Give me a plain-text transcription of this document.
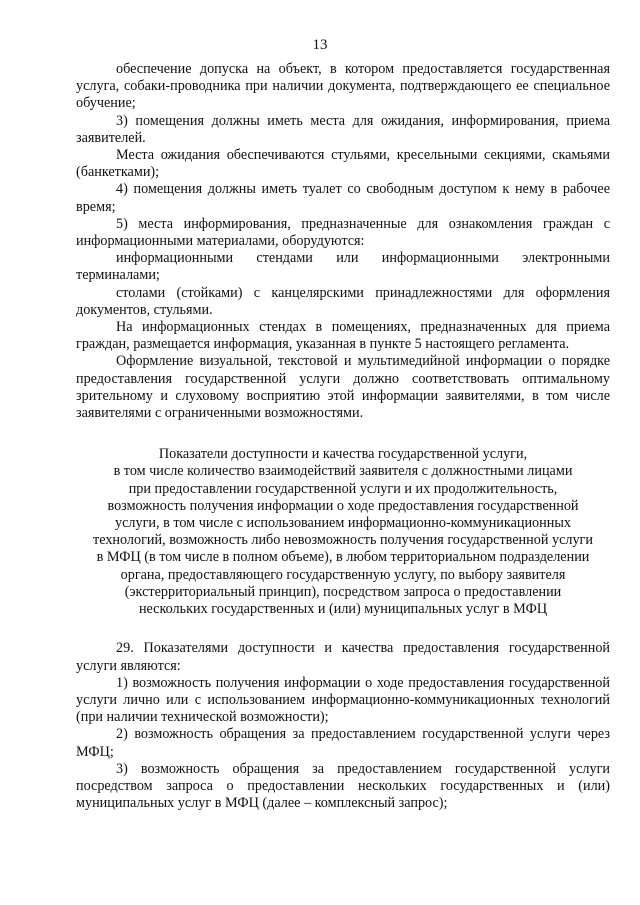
13

обеспечение допуска на объект, в котором предоставляется государственная услуга, собаки-проводника при наличии документа, подтверждающего ее специальное обучение;

3) помещения должны иметь места для ожидания, информирования, приема заявителей.

Места ожидания обеспечиваются стульями, кресельными секциями, скамьями (банкетками);

4) помещения должны иметь туалет со свободным доступом к нему в рабочее время;

5) места информирования, предназначенные для ознакомления граждан с информационными материалами, оборудуются:

информационными стендами или информационными электронными терминалами;

столами (стойками) с канцелярскими принадлежностями для оформления документов, стульями.

На информационных стендах в помещениях, предназначенных для приема граждан, размещается информация, указанная в пункте 5 настоящего регламента.

Оформление визуальной, текстовой и мультимедийной информации о порядке предоставления государственной услуги должно соответствовать оптимальному зрительному и слуховому восприятию этой информации заявителями, в том числе заявителями с ограниченными возможностями.

Показатели доступности и качества государственной услуги,
в том числе количество взаимодействий заявителя с должностными лицами
при предоставлении государственной услуги и их продолжительность,
возможность получения информации о ходе предоставления государственной
услуги, в том числе с использованием информационно-коммуникационных
технологий, возможность либо невозможность получения государственной услуги
в МФЦ (в том числе в полном объеме), в любом территориальном подразделении
органа, предоставляющего государственную услугу, по выбору заявителя
(экстерриториальный принцип), посредством запроса о предоставлении
нескольких государственных и (или) муниципальных услуг в МФЦ

29. Показателями доступности и качества предоставления государственной услуги являются:

1) возможность получения информации о ходе предоставления государственной услуги лично или с использованием информационно-коммуникационных технологий (при наличии технической возможности);

2) возможность обращения за предоставлением государственной услуги через МФЦ;

3) возможность обращения за предоставлением государственной услуги посредством запроса о предоставлении нескольких государственных и (или) муниципальных услуг в МФЦ (далее – комплексный запрос);
